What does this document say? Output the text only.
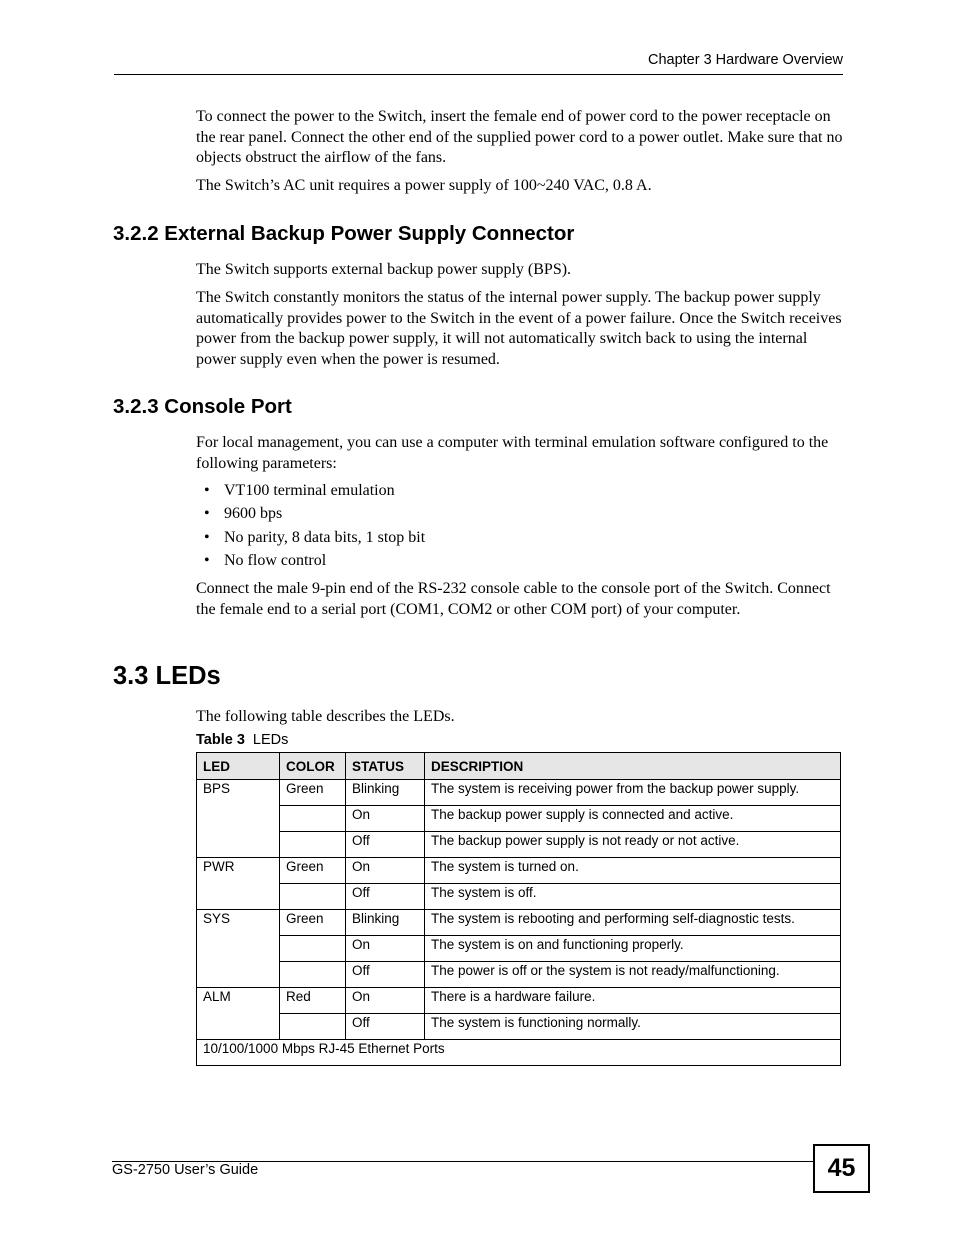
Chapter 3 Hardware Overview

To connect the power to the Switch, insert the female end of power cord to the power receptacle on the rear panel. Connect the other end of the supplied power cord to a power outlet. Make sure that no objects obstruct the airflow of the fans.

The Switch’s AC unit requires a power supply of 100~240 VAC, 0.8 A.

3.2.2 External Backup Power Supply Connector

The Switch supports external backup power supply (BPS).

The Switch constantly monitors the status of the internal power supply. The backup power supply automatically provides power to the Switch in the event of a power failure. Once the Switch receives power from the backup power supply, it will not automatically switch back to using the internal power supply even when the power is resumed.

3.2.3 Console Port

For local management, you can use a computer with terminal emulation software configured to the following parameters:

• VT100 terminal emulation
• 9600 bps
• No parity, 8 data bits, 1 stop bit
• No flow control

Connect the male 9-pin end of the RS-232 console cable to the console port of the Switch. Connect the female end to a serial port (COM1, COM2 or other COM port) of your computer.

3.3 LEDs

The following table describes the LEDs.

Table 3 LEDs
LED	COLOR	STATUS	DESCRIPTION
BPS	Green	Blinking	The system is receiving power from the backup power supply.
		On	The backup power supply is connected and active.
		Off	The backup power supply is not ready or not active.
PWR	Green	On	The system is turned on.
		Off	The system is off.
SYS	Green	Blinking	The system is rebooting and performing self-diagnostic tests.
		On	The system is on and functioning properly.
		Off	The power is off or the system is not ready/malfunctioning.
ALM	Red	On	There is a hardware failure.
		Off	The system is functioning normally.
10/100/1000 Mbps RJ-45 Ethernet Ports			
GS-2750 User’s Guide	45
